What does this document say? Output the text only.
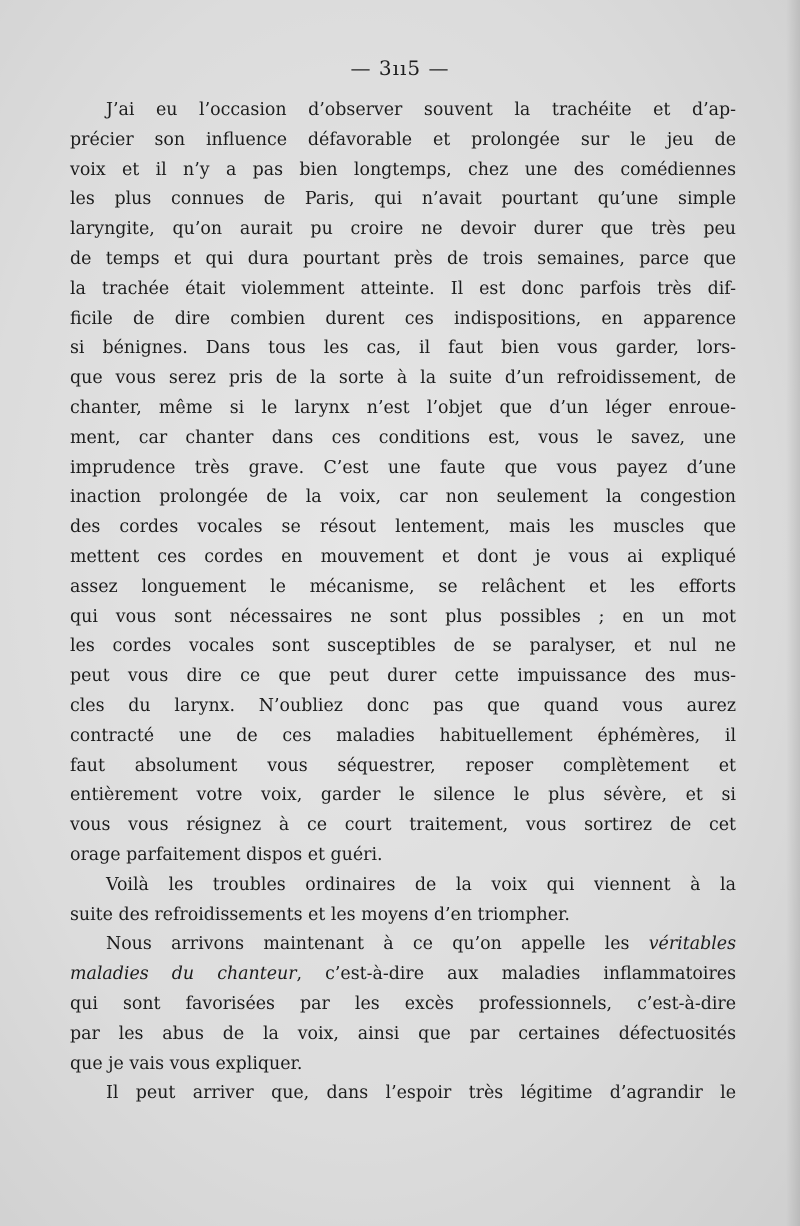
— 3ıı5 —

J’ai eu l’occasion d’observer souvent la trachéite et d’ap-
précier son influence défavorable et prolongée sur le jeu de
voix et il n’y a pas bien longtemps, chez une des comédiennes
les plus connues de Paris, qui n’avait pourtant qu’une simple
laryngite, qu’on aurait pu croire ne devoir durer que très peu
de temps et qui dura pourtant près de trois semaines, parce que
la trachée était violemment atteinte. Il est donc parfois très dif-
ficile de dire combien durent ces indispositions, en apparence
si bénignes. Dans tous les cas, il faut bien vous garder, lors-
que vous serez pris de la sorte à la suite d’un refroidissement, de
chanter, même si le larynx n’est l’objet que d’un léger enroue-
ment, car chanter dans ces conditions est, vous le savez, une
imprudence très grave. C’est une faute que vous payez d’une
inaction prolongée de la voix, car non seulement la congestion
des cordes vocales se résout lentement, mais les muscles que
mettent ces cordes en mouvement et dont je vous ai expliqué
assez longuement le mécanisme, se relâchent et les efforts
qui vous sont nécessaires ne sont plus possibles ; en un mot
les cordes vocales sont susceptibles de se paralyser, et nul ne
peut vous dire ce que peut durer cette impuissance des mus-
cles du larynx. N’oubliez donc pas que quand vous aurez
contracté une de ces maladies habituellement éphémères, il
faut absolument vous séquestrer, reposer complètement et
entièrement votre voix, garder le silence le plus sévère, et si
vous vous résignez à ce court traitement, vous sortirez de cet
orage parfaitement dispos et guéri.

Voilà les troubles ordinaires de la voix qui viennent à la
suite des refroidissements et les moyens d’en triompher.

Nous arrivons maintenant à ce qu’on appelle les véritables
maladies du chanteur, c’est-à-dire aux maladies inflammatoires
qui sont favorisées par les excès professionnels, c’est-à-dire
par les abus de la voix, ainsi que par certaines défectuosités
que je vais vous expliquer.

Il peut arriver que, dans l’espoir très légitime d’agrandir le
